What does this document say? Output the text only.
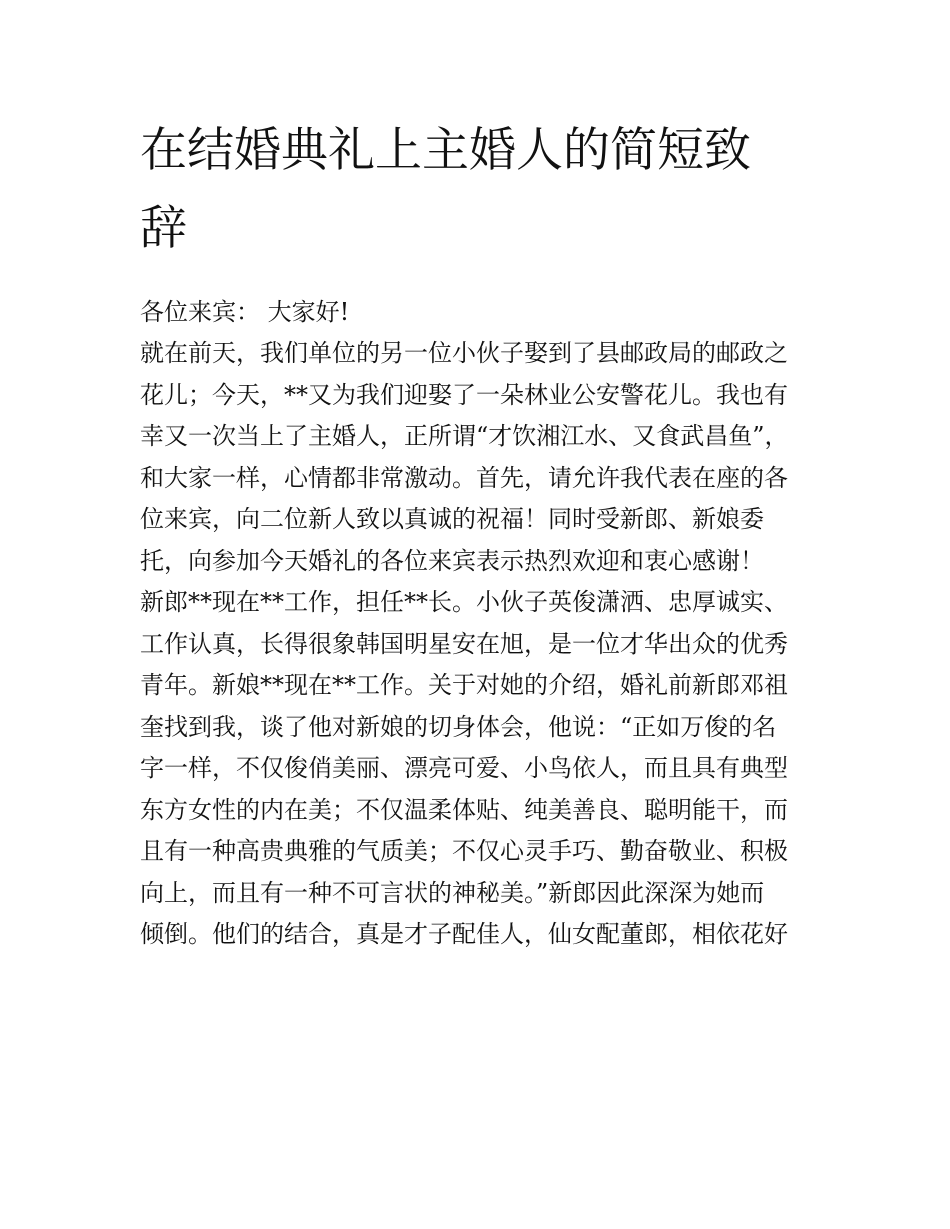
在结婚典礼上主婚人的简短致
辞
各位来宾： 大家好!
就在前天，我们单位的另一位小伙子娶到了县邮政局的邮政之
花儿；今天，**又为我们迎娶了一朵林业公安警花儿。我也有
幸又一次当上了主婚人，正所谓“才饮湘江水、又食武昌鱼”，
和大家一样，心情都非常激动。首先，请允许我代表在座的各
位来宾，向二位新人致以真诚的祝福！同时受新郎、新娘委
托，向参加今天婚礼的各位来宾表示热烈欢迎和衷心感谢！
新郎**现在**工作，担任**长。小伙子英俊潇洒、忠厚诚实、
工作认真，长得很象韩国明星安在旭，是一位才华出众的优秀
青年。新娘**现在**工作。关于对她的介绍，婚礼前新郎邓祖
奎找到我，谈了他对新娘的切身体会，他说：“正如万俊的名
字一样，不仅俊俏美丽、漂亮可爱、小鸟依人，而且具有典型
东方女性的内在美；不仅温柔体贴、纯美善良、聪明能干，而
且有一种高贵典雅的气质美；不仅心灵手巧、勤奋敬业、积极
向上，而且有一种不可言状的神秘美。”新郎因此深深为她而
倾倒。他们的结合，真是才子配佳人，仙女配董郎，相依花好
